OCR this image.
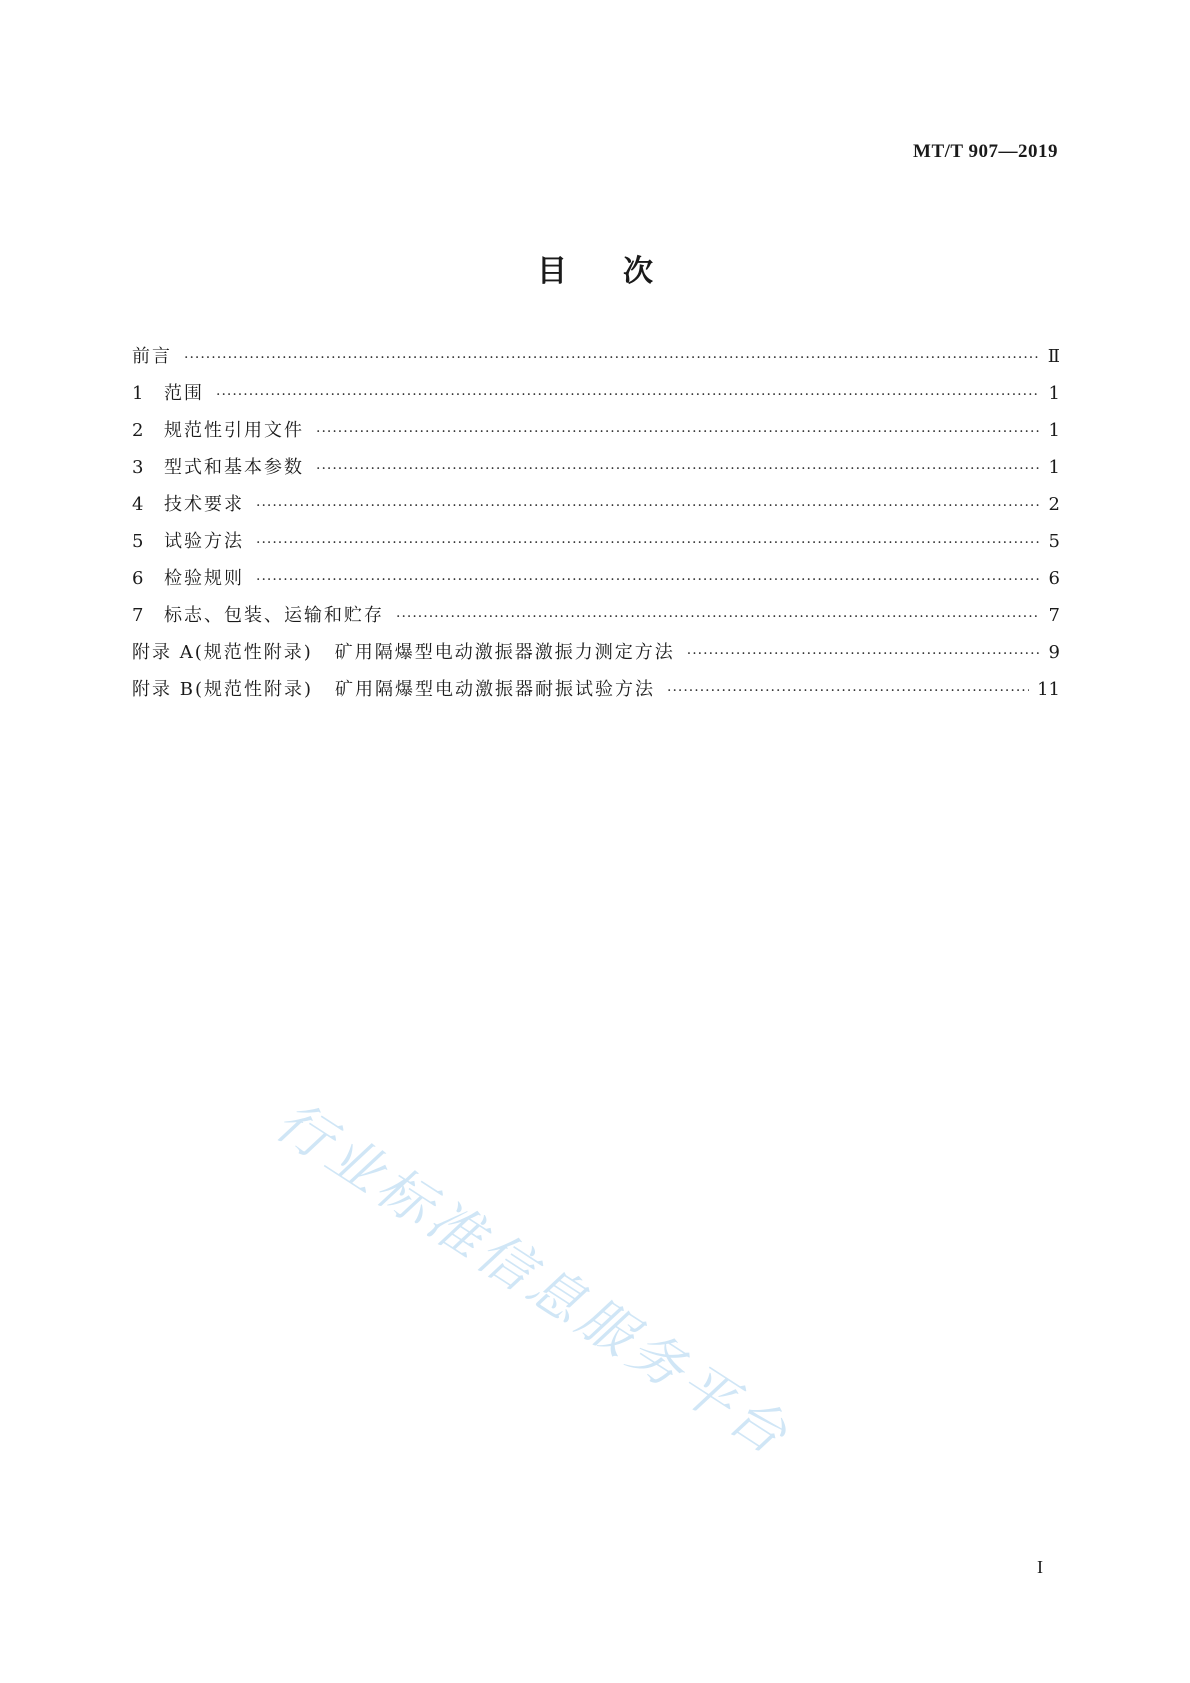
MT/T 907—2019
目次
前言 ·····	Ⅱ
1	范围 ·····	1
2	规范性引用文件 ·····	1
3	型式和基本参数 ·····	1
4	技术要求 ·····	2
5	试验方法 ·····	5
6	检验规则 ·····	6
7	标志、包装、运输和贮存 ·····	7
附录 A(规范性附录) 矿用隔爆型电动激振器激振力测定方法 ·····	9
附录 B(规范性附录) 矿用隔爆型电动激振器耐振试验方法 ·····	11
行业标准信息服务平台
I
